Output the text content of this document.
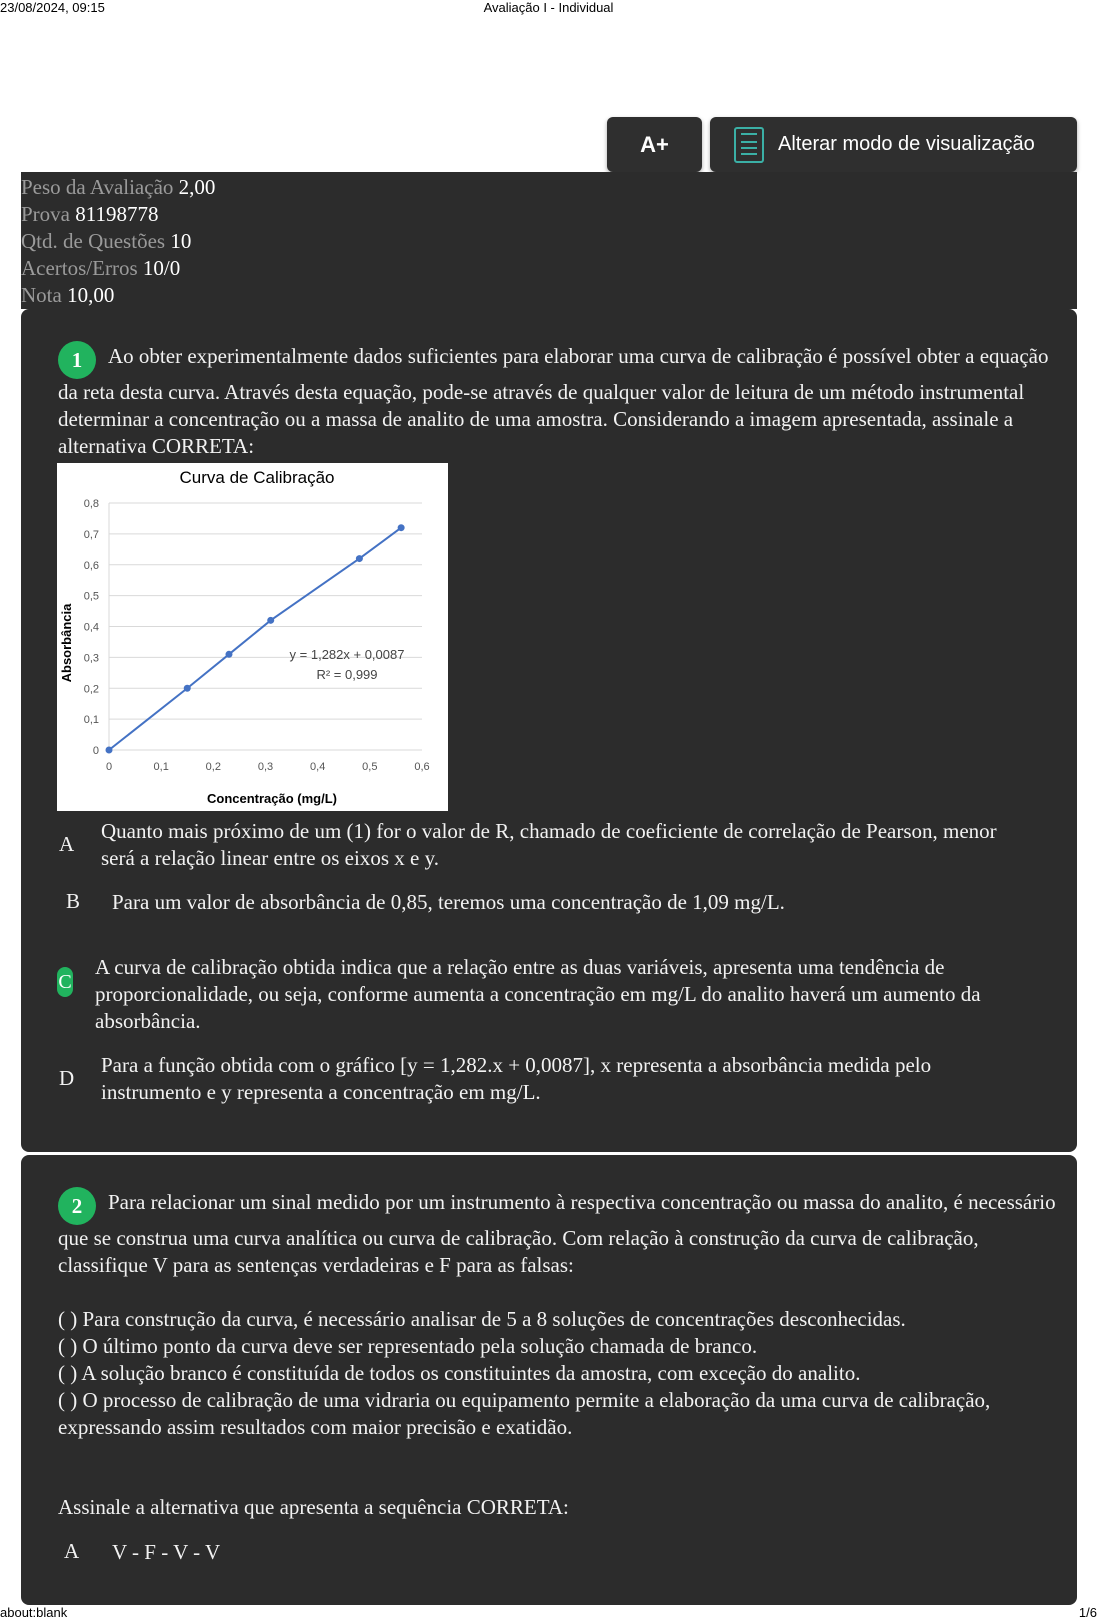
23/08/2024, 09:15	Avaliação I - Individual
A+	Alterar modo de visualização
Peso da Avaliação 2,00
Prova 81198778
Qtd. de Questões 10
Acertos/Erros 10/0
Nota 10,00
1 Ao obter experimentalmente dados suficientes para elaborar uma curva de calibração é possível obter a equação da reta desta curva. Através desta equação, pode-se através de qualquer valor de leitura de um método instrumental determinar a concentração ou a massa de analito de uma amostra. Considerando a imagem apresentada, assinale a alternativa CORRETA:
Curva de Calibração
0
0,1
0,2
0,3
0,4
0,5
0,6
0,7
0,8
0	0,1	0,2	0,3	0,4	0,5	0,6
y = 1,282x + 0,0087
R² = 0,999
Concentração (mg/L)
Absorbância
A
Quanto mais próximo de um (1) for o valor de R, chamado de coeficiente de correlação de Pearson, menor será a relação linear entre os eixos x e y.
B Para um valor de absorbância de 0,85, teremos uma concentração de 1,09 mg/L.
C
A curva de calibração obtida indica que a relação entre as duas variáveis, apresenta uma tendência de proporcionalidade, ou seja, conforme aumenta a concentração em mg/L do analito haverá um aumento da absorbância.
D
Para a função obtida com o gráfico [y = 1,282.x + 0,0087], x representa a absorbância medida pelo instrumento e y representa a concentração em mg/L.
2 Para relacionar um sinal medido por um instrumento à respectiva concentração ou massa do analito, é necessário que se construa uma curva analítica ou curva de calibração. Com relação à construção da curva de calibração, classifique V para as sentenças verdadeiras e F para as falsas:
( ) Para construção da curva, é necessário analisar de 5 a 8 soluções de concentrações desconhecidas.
( ) O último ponto da curva deve ser representado pela solução chamada de branco.
( ) A solução branco é constituída de todos os constituintes da amostra, com exceção do analito.
( ) O processo de calibração de uma vidraria ou equipamento permite a elaboração da uma curva de calibração, expressando assim resultados com maior precisão e exatidão.
Assinale a alternativa que apresenta a sequência CORRETA:
A V - F - V - V
about:blank	1/6
